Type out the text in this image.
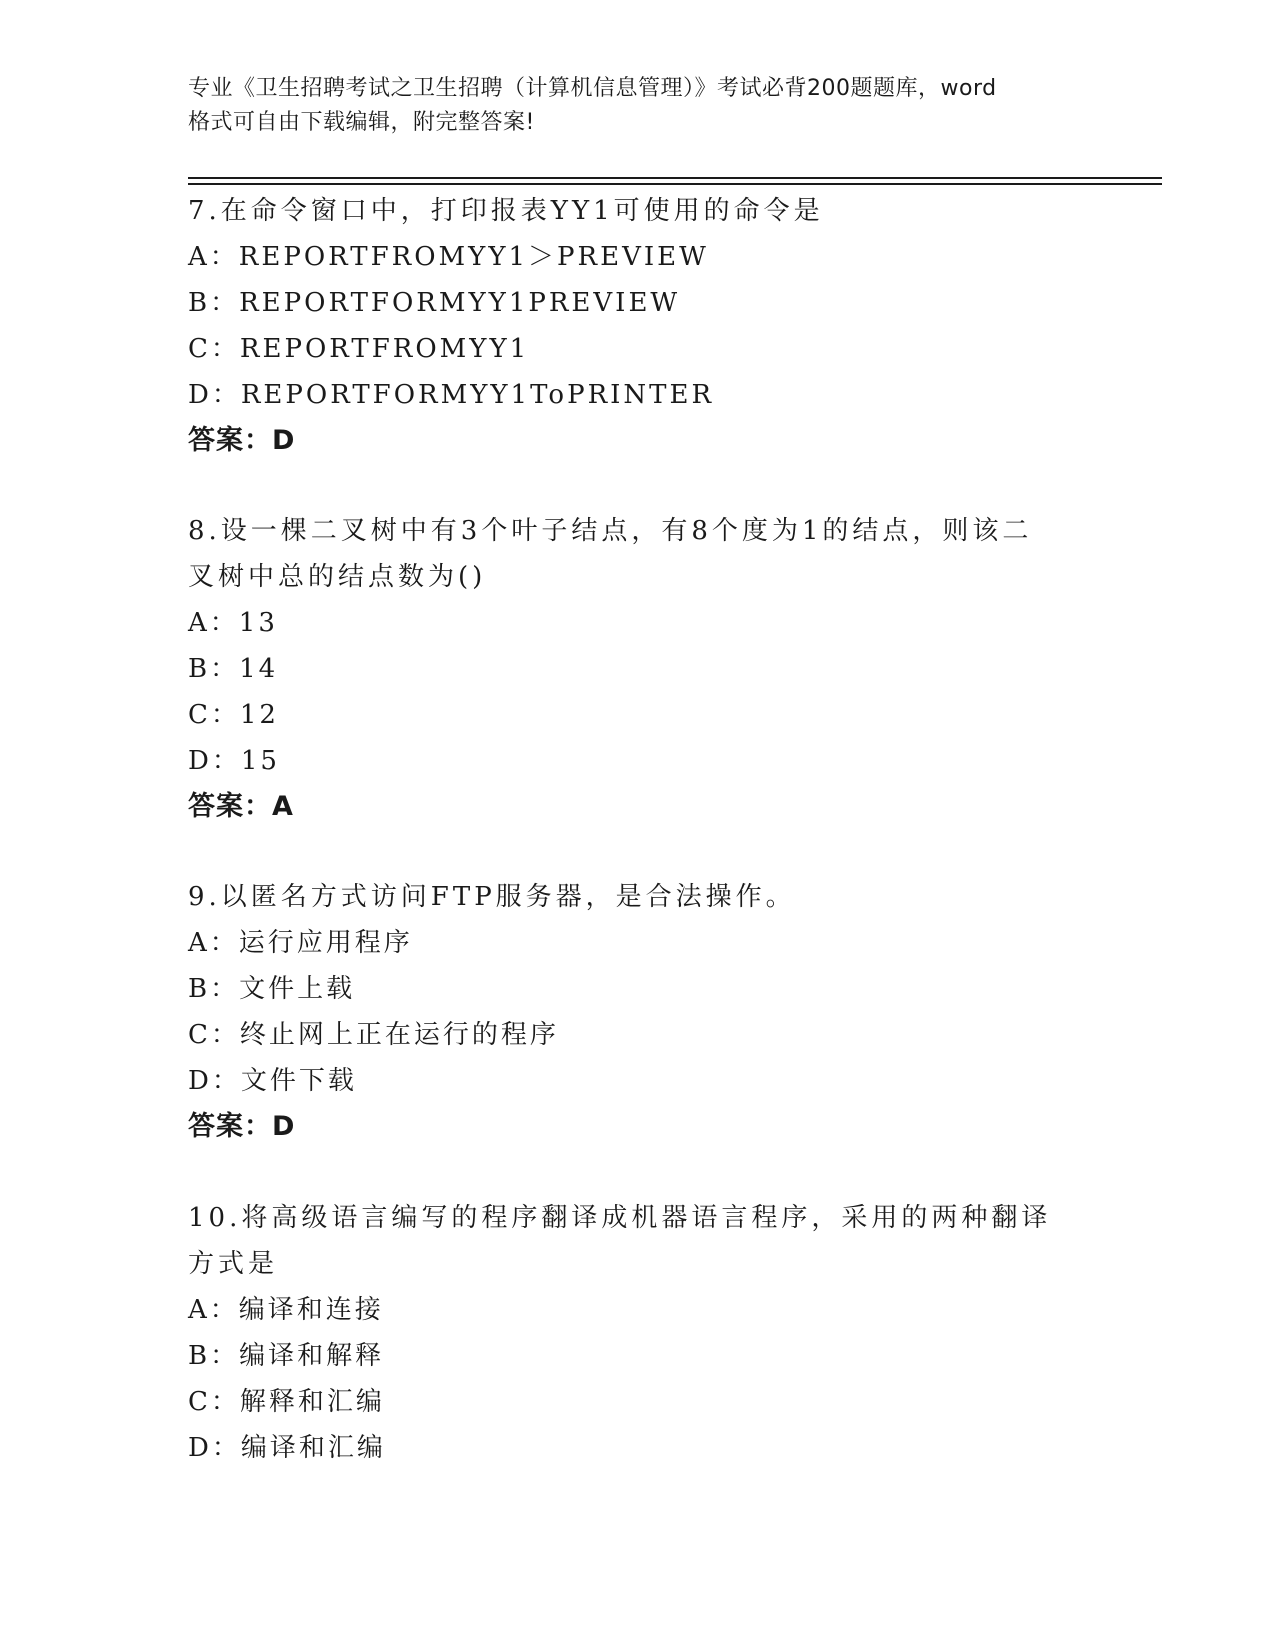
专业《卫生招聘考试之卫生招聘（计算机信息管理）》考试必背200题题库，word
格式可自由下载编辑，附完整答案!
7.在命令窗口中，打印报表YY1可使用的命令是
A：REPORTFROMYY1＞PREVIEW
B：REPORTFORMYY1PREVIEW
C：REPORTFROMYY1
D：REPORTFORMYY1ToPRINTER
答案：D
8.设一棵二叉树中有3个叶子结点，有8个度为1的结点，则该二叉树中总的结点数为()
A：13
B：14
C：12
D：15
答案：A
9.以匿名方式访问FTP服务器，是合法操作。
A：运行应用程序
B：文件上载
C：终止网上正在运行的程序
D：文件下载
答案：D
10.将高级语言编写的程序翻译成机器语言程序，采用的两种翻译方式是
A：编译和连接
B：编译和解释
C：解释和汇编
D：编译和汇编
